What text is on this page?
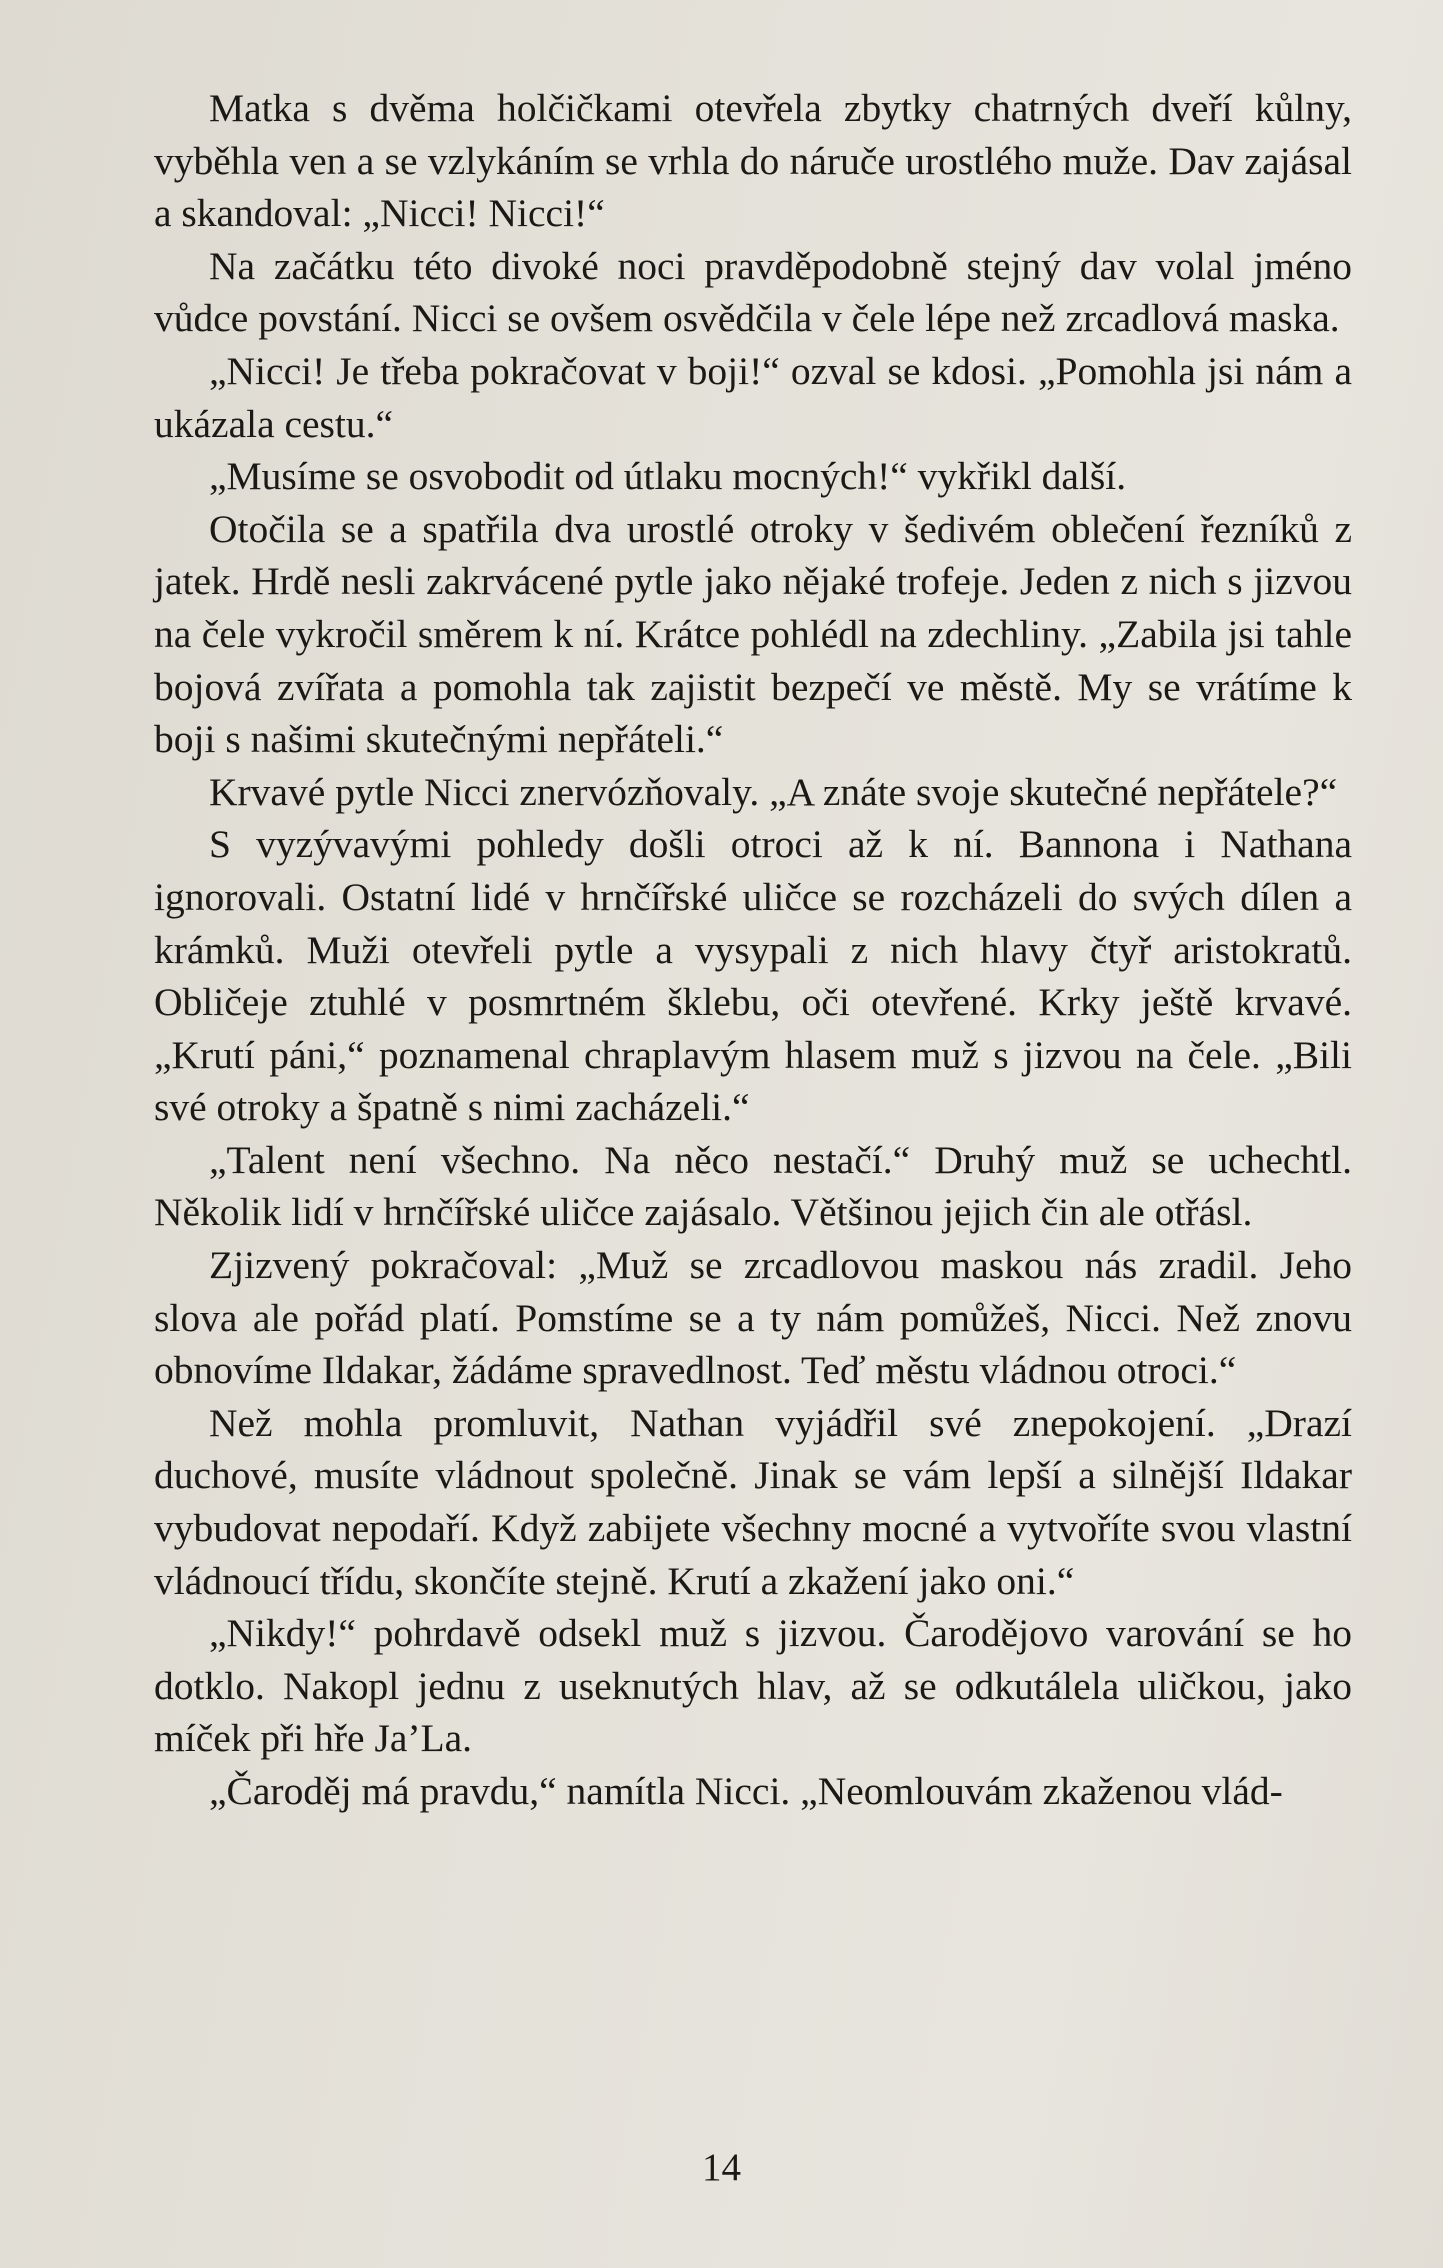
Matka s dvěma holčičkami otevřela zbytky chatrných dveří kůlny, vyběhla ven a se vzlykáním se vrhla do náruče urostlého muže. Dav zajásal a skandoval: „Nicci! Nicci!“

Na začátku této divoké noci pravděpodobně stejný dav volal jméno vůdce povstání. Nicci se ovšem osvědčila v čele lépe než zrcadlová maska.

„Nicci! Je třeba pokračovat v boji!“ ozval se kdosi. „Pomohla jsi nám a ukázala cestu.“

„Musíme se osvobodit od útlaku mocných!“ vykřikl další.

Otočila se a spatřila dva urostlé otroky v šedivém oblečení řezníků z jatek. Hrdě nesli zakrvácené pytle jako nějaké trofeje. Jeden z nich s jizvou na čele vykročil směrem k ní. Krátce pohlédl na zdechliny. „Zabila jsi tahle bojová zvířata a pomohla tak zajistit bezpečí ve městě. My se vrátíme k boji s našimi skutečnými nepřáteli.“

Krvavé pytle Nicci znervózňovaly. „A znáte svoje skutečné nepřátele?“

S vyzývavými pohledy došli otroci až k ní. Bannona i Nathana ignorovali. Ostatní lidé v hrnčířské uličce se rozcházeli do svých dílen a krámků. Muži otevřeli pytle a vysypali z nich hlavy čtyř aristokratů. Obličeje ztuhlé v posmrtném šklebu, oči otevřené. Krky ještě krvavé. „Krutí páni,“ poznamenal chraplavým hlasem muž s jizvou na čele. „Bili své otroky a špatně s nimi zacházeli.“

„Talent není všechno. Na něco nestačí.“ Druhý muž se uchechtl. Několik lidí v hrnčířské uličce zajásalo. Většinou jejich čin ale otřásl.

Zjizvený pokračoval: „Muž se zrcadlovou maskou nás zradil. Jeho slova ale pořád platí. Pomstíme se a ty nám pomůžeš, Nicci. Než znovu obnovíme Ildakar, žádáme spravedlnost. Teď městu vládnou otroci.“

Než mohla promluvit, Nathan vyjádřil své znepokojení. „Drazí duchové, musíte vládnout společně. Jinak se vám lepší a silnější Ildakar vybudovat nepodaří. Když zabijete všechny mocné a vytvoříte svou vlastní vládnoucí třídu, skončíte stejně. Krutí a zkažení jako oni.“

„Nikdy!“ pohrdavě odsekl muž s jizvou. Čarodějovo varování se ho dotklo. Nakopl jednu z useknutých hlav, až se odkutálela uličkou, jako míček při hře Ja’La.

„Čaroděj má pravdu,“ namítla Nicci. „Neomlouvám zkaženou vlád-

14
